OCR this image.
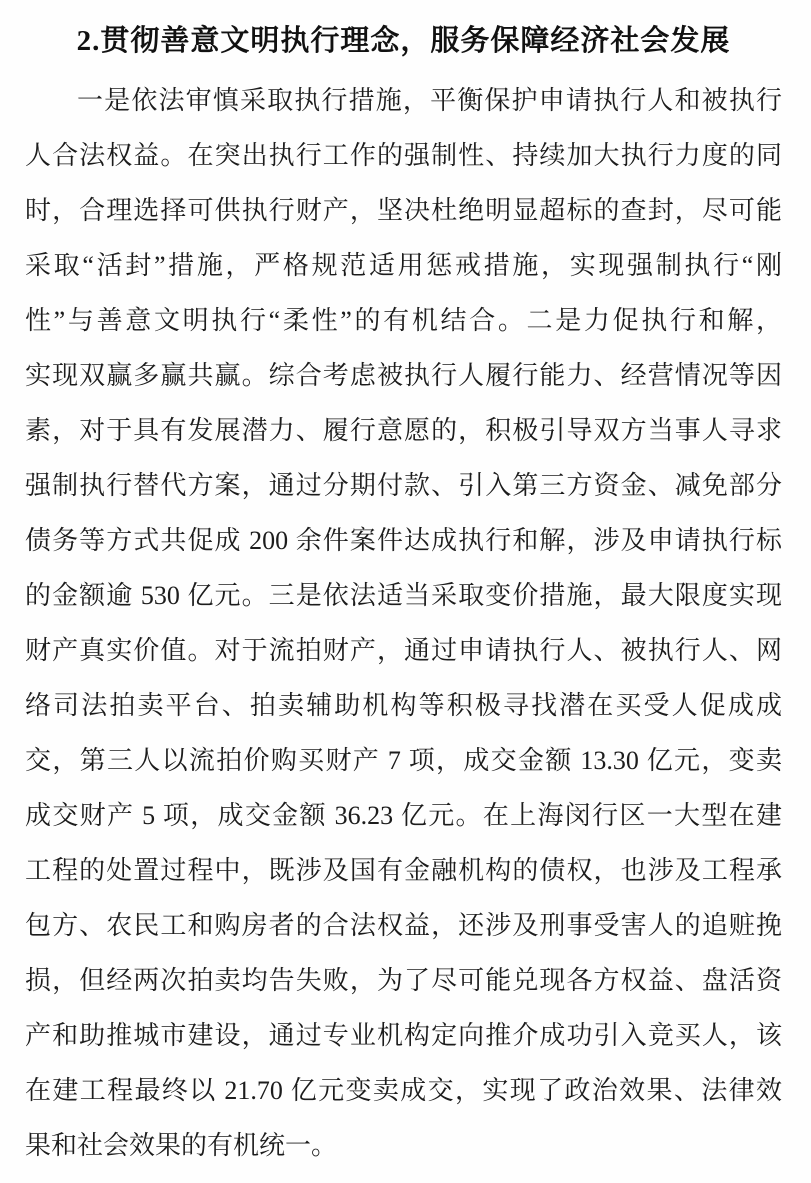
2.贯彻善意文明执行理念，服务保障经济社会发展
一是依法审慎采取执行措施，平衡保护申请执行人和被执行
人合法权益。在突出执行工作的强制性、持续加大执行力度的同
时，合理选择可供执行财产，坚决杜绝明显超标的查封，尽可能
采取“活封”措施，严格规范适用惩戒措施，实现强制执行“刚
性”与善意文明执行“柔性”的有机结合。二是力促执行和解，
实现双赢多赢共赢。综合考虑被执行人履行能力、经营情况等因
素，对于具有发展潜力、履行意愿的，积极引导双方当事人寻求
强制执行替代方案，通过分期付款、引入第三方资金、减免部分
债务等方式共促成 200 余件案件达成执行和解，涉及申请执行标
的金额逾 530 亿元。三是依法适当采取变价措施，最大限度实现
财产真实价值。对于流拍财产，通过申请执行人、被执行人、网
络司法拍卖平台、拍卖辅助机构等积极寻找潜在买受人促成成
交，第三人以流拍价购买财产 7 项，成交金额 13.30 亿元，变卖
成交财产 5 项，成交金额 36.23 亿元。在上海闵行区一大型在建
工程的处置过程中，既涉及国有金融机构的债权，也涉及工程承
包方、农民工和购房者的合法权益，还涉及刑事受害人的追赃挽
损，但经两次拍卖均告失败，为了尽可能兑现各方权益、盘活资
产和助推城市建设，通过专业机构定向推介成功引入竞买人，该
在建工程最终以 21.70 亿元变卖成交，实现了政治效果、法律效
果和社会效果的有机统一。
